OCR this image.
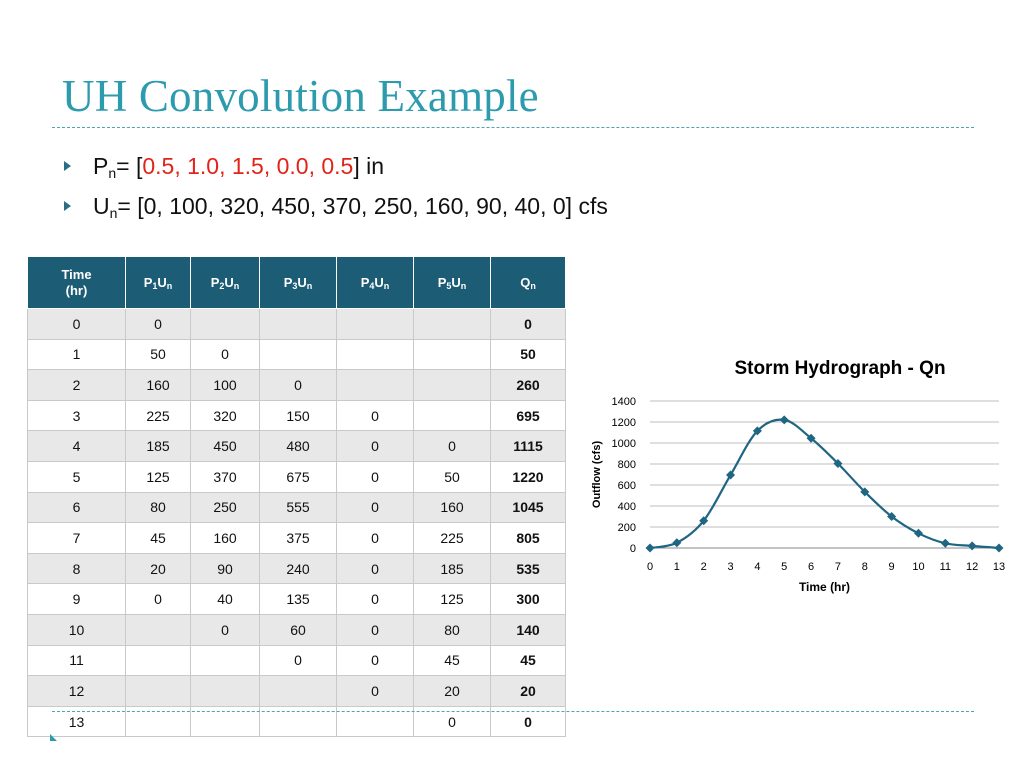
UH Convolution Example
$P_n= [0.5$, 1.0, 1.5, 0.0, 0.5] in
$U_n= [0$, 100, 320, 450, 370, 250, 160, 90, 40, 0] cfs
Time
(hr)	$P_1U_n$	$P_2U_n$	$P_3U_n$	$P_4U_n$	$P_5U_n$	$Q_n$
0	0					0
1	50	0				50
2	160	100	0			260
3	225	320	150	0		695
4	185	450	480	0	0	1115
5	125	370	675	0	50	1220
6	80	250	555	0	160	1045
7	45	160	375	0	225	805
8	20	90	240	0	185	535
9	0	40	135	0	125	300
10		0	60	0	80	140
11			0	0	45	45
12				0	20	20
13					0	0
Storm Hydrograph - Qn
0
200
400
600
800
1000
1200
1400
0 1 2 3 4 5 6 7 8 9 10 11 12 13
Time (hr)
Outflow (cfs)
